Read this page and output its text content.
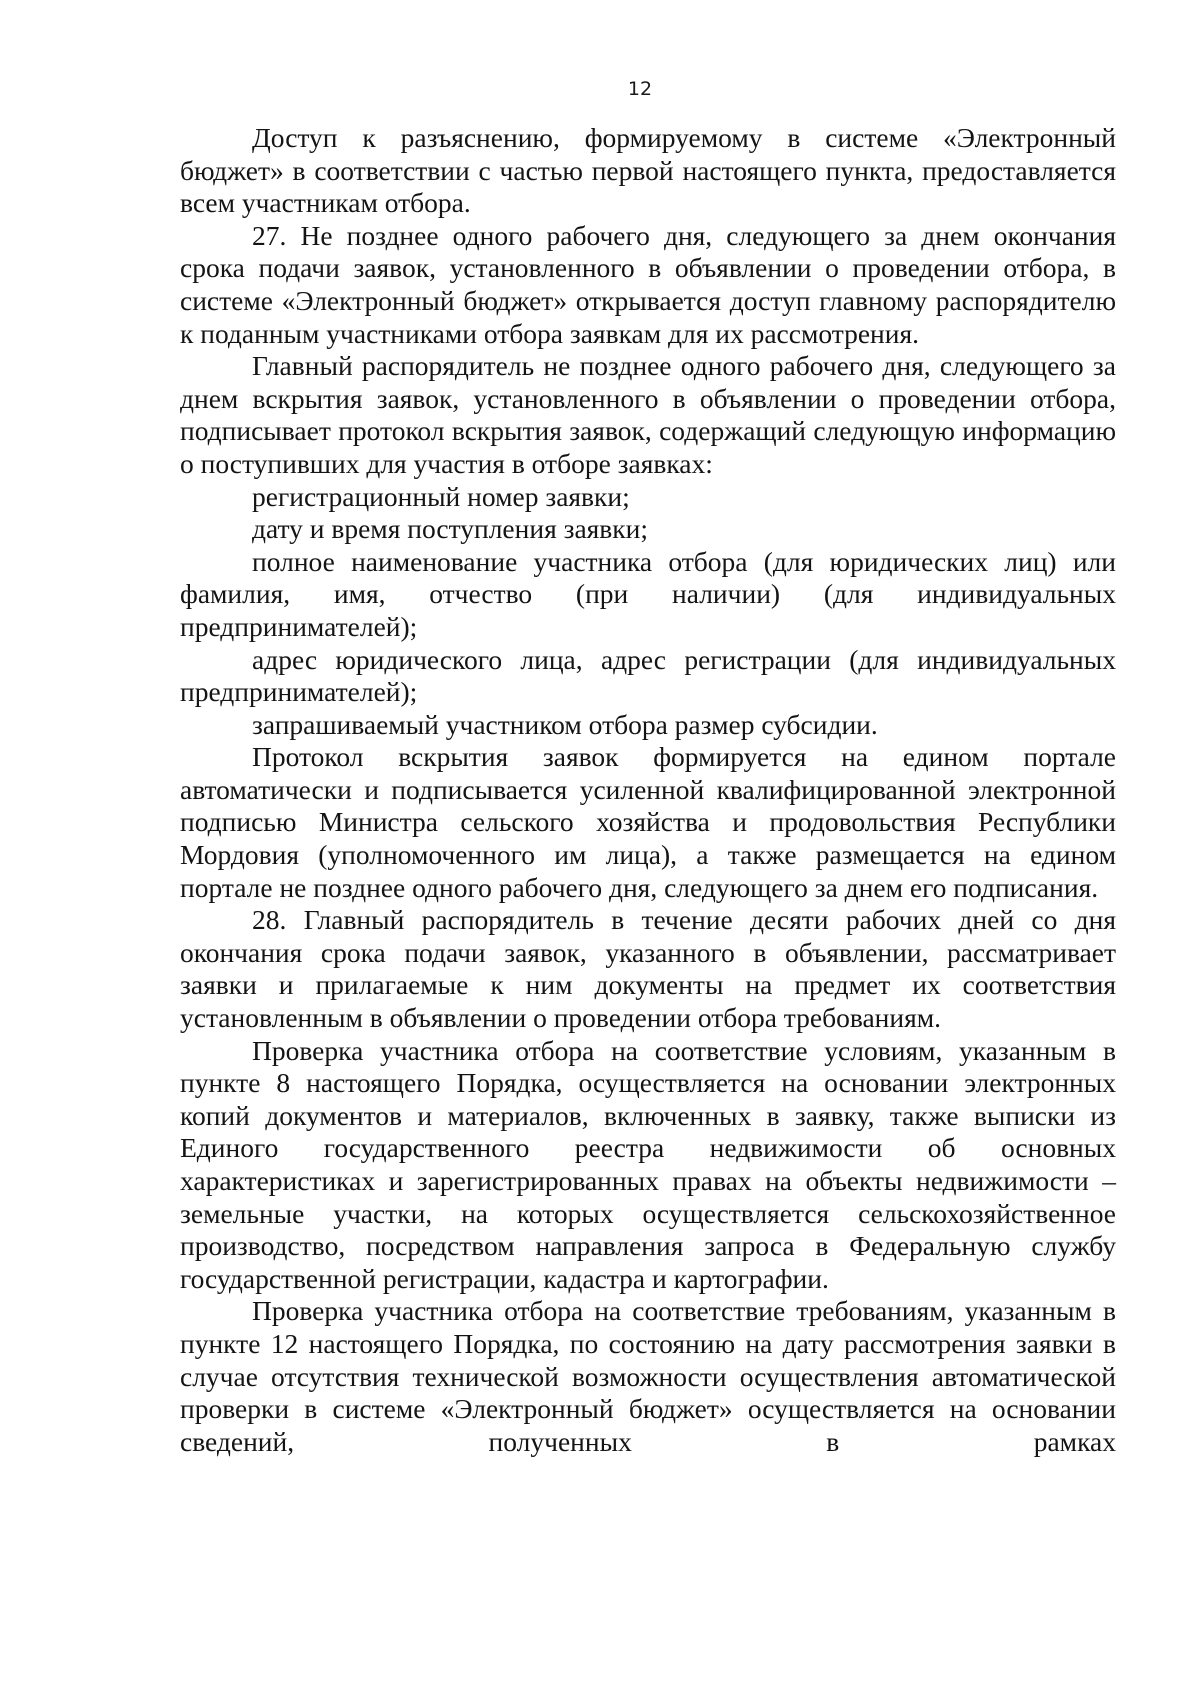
12

Доступ к разъяснению, формируемому в системе «Электронный бюджет» в соответствии с частью первой настоящего пункта, предоставляется всем участникам отбора.

27. Не позднее одного рабочего дня, следующего за днем окончания срока подачи заявок, установленного в объявлении о проведении отбора, в системе «Электронный бюджет» открывается доступ главному распорядителю к поданным участниками отбора заявкам для их рассмотрения.

Главный распорядитель не позднее одного рабочего дня, следующего за днем вскрытия заявок, установленного в объявлении о проведении отбора, подписывает протокол вскрытия заявок, содержащий следующую информацию о поступивших для участия в отборе заявках:

регистрационный номер заявки;

дату и время поступления заявки;

полное наименование участника отбора (для юридических лиц) или фамилия, имя, отчество (при наличии) (для индивидуальных предпринимателей);

адрес юридического лица, адрес регистрации (для индивидуальных предпринимателей);

запрашиваемый участником отбора размер субсидии.

Протокол вскрытия заявок формируется на едином портале автоматически и подписывается усиленной квалифицированной электронной подписью Министра сельского хозяйства и продовольствия Республики Мордовия (уполномоченного им лица), а также размещается на едином портале не позднее одного рабочего дня, следующего за днем его подписания.

28. Главный распорядитель в течение десяти рабочих дней со дня окончания срока подачи заявок, указанного в объявлении, рассматривает заявки и прилагаемые к ним документы на предмет их соответствия установленным в объявлении о проведении отбора требованиям.

Проверка участника отбора на соответствие условиям, указанным в пункте 8 настоящего Порядка, осуществляется на основании электронных копий документов и материалов, включенных в заявку, также выписки из Единого государственного реестра недвижимости об основных характеристиках и зарегистрированных правах на объекты недвижимости – земельные участки, на которых осуществляется сельскохозяйственное производство, посредством направления запроса в Федеральную службу государственной регистрации, кадастра и картографии.

Проверка участника отбора на соответствие требованиям, указанным в пункте 12 настоящего Порядка, по состоянию на дату рассмотрения заявки в случае отсутствия технической возможности осуществления автоматической проверки в системе «Электронный бюджет» осуществляется на основании сведений, полученных в рамках
